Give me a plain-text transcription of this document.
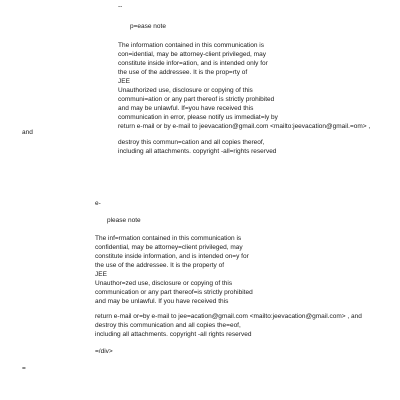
--
p=ease note
The information contained in this communication is
con=idential, may be attorney-client privileged, may
constitute inside infor=ation, and is intended only for
the use of the addressee. It is the prop=rty of
JEE
Unauthorized use, disclosure or copying of this
communi=ation or any part thereof is strictly prohibited
and may be unlawful. If=you have received this
communication in error, please notify us immediat=ly by
return e-mail or by e-mail to jeevacation@gmail.com <mailto:jeevacation@gmail.=om> ,
and
destroy this commun=cation and all copies thereof,
including all attachments. copyright -all=rights reserved
e-
please note
The inf=rmation contained in this communication is
confidential, may be attorney=client privileged, may
constitute inside information, and is intended on=y for
the use of the addressee. It is the property of
JEE
Unauthor=zed use, disclosure or copying of this
communication or any part thereof=is strictly prohibited
and may be unlawful. If you have received this
return e-mail or=by e-mail to jee=acation@gmail.com <mailto:jeevacation@gmail.com> , and
destroy this communication and all copies the=eof,
including all attachments. copyright -all rights reserved
=/div>
=
